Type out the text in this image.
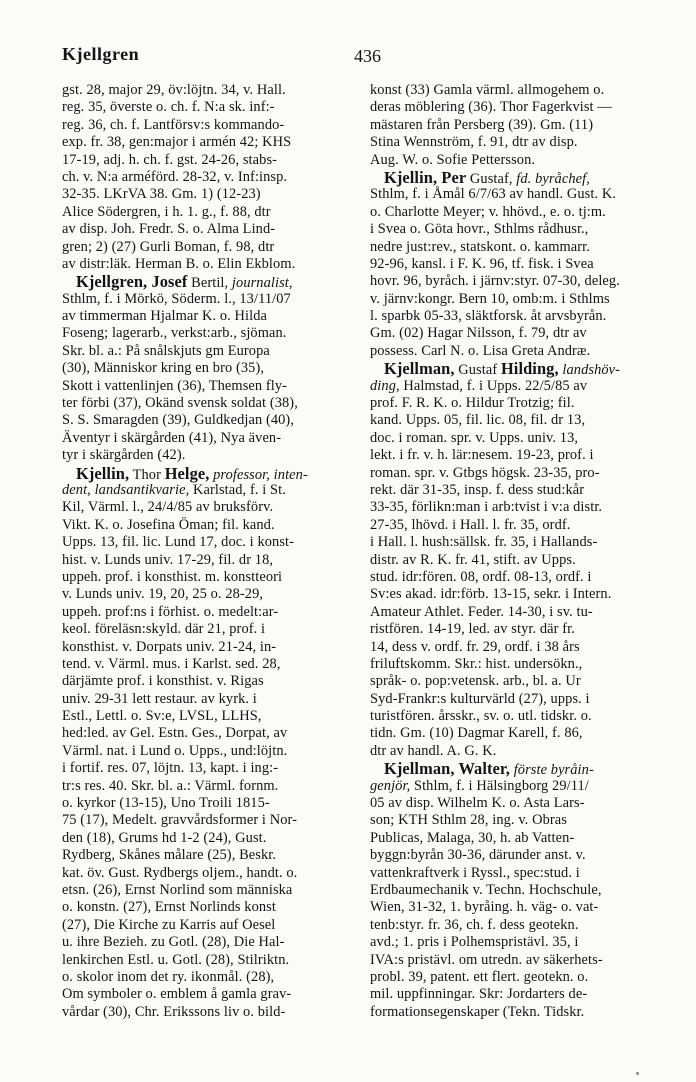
Kjellgren	436
gst. 28, major 29, öv:löjtn. 34, v. Hall.
reg. 35, överste o. ch. f. N:a sk. inf:-
reg. 36, ch. f. Lantförsv:s kommando-
exp. fr. 38, gen:major i armén 42; KHS
17-19, adj. h. ch. f. gst. 24-26, stabs-
ch. v. N:a arméförd. 28-32, v. Inf:insp.
32-35. LKrVA 38. Gm. 1) (12-23)
Alice Södergren, i h. 1. g., f. 88, dtr
av disp. Joh. Fredr. S. o. Alma Lind-
gren; 2) (27) Gurli Boman, f. 98, dtr
av distr:läk. Herman B. o. Elin Ekblom.
Kjellgren, Josef Bertil, journalist,
Sthlm, f. i Mörkö, Söderm. l., 13/11/07
av timmerman Hjalmar K. o. Hilda
Foseng; lagerarb., verkst:arb., sjöman.
Skr. bl. a.: På snålskjuts gm Europa
(30), Människor kring en bro (35),
Skott i vattenlinjen (36), Themsen fly-
ter förbi (37), Okänd svensk soldat (38),
S. S. Smaragden (39), Guldkedjan (40),
Äventyr i skärgården (41), Nya även-
tyr i skärgården (42).
Kjellin, Thor Helge, professor, inten-
dent, landsantikvarie, Karlstad, f. i St.
Kil, Värml. l., 24/4/85 av bruksförv.
Vikt. K. o. Josefina Öman; fil. kand.
Upps. 13, fil. lic. Lund 17, doc. i konst-
hist. v. Lunds univ. 17-29, fil. dr 18,
uppeh. prof. i konsthist. m. konstteori
v. Lunds univ. 19, 20, 25 o. 28-29,
uppeh. prof:ns i förhist. o. medelt:ar-
keol. föreläsn:skyld. där 21, prof. i
konsthist. v. Dorpats univ. 21-24, in-
tend. v. Värml. mus. i Karlst. sed. 28,
därjämte prof. i konsthist. v. Rigas
univ. 29-31 lett restaur. av kyrk. i
Estl., Lettl. o. Sv:e, LVSL, LLHS,
hed:led. av Gel. Estn. Ges., Dorpat, av
Värml. nat. i Lund o. Upps., und:löjtn.
i fortif. res. 07, löjtn. 13, kapt. i ing:-
tr:s res. 40. Skr. bl. a.: Värml. fornm.
o. kyrkor (13-15), Uno Troili 1815-
75 (17), Medelt. gravvårdsformer i Nor-
den (18), Grums hd 1-2 (24), Gust.
Rydberg, Skånes målare (25), Beskr.
kat. öv. Gust. Rydbergs oljem., handt. o.
etsn. (26), Ernst Norlind som människa
o. konstn. (27), Ernst Norlinds konst
(27), Die Kirche zu Karris auf Oesel
u. ihre Bezieh. zu Gotl. (28), Die Hal-
lenkirchen Estl. u. Gotl. (28), Stilriktn.
o. skolor inom det ry. ikonmål. (28),
Om symboler o. emblem å gamla grav-
vårdar (30), Chr. Erikssons liv o. bild-
konst (33) Gamla värml. allmogehem o.
deras möblering (36). Thor Fagerkvist —
mästaren från Persberg (39). Gm. (11)
Stina Wennström, f. 91, dtr av disp.
Aug. W. o. Sofie Pettersson.
Kjellin, Per Gustaf, fd. byråchef,
Sthlm, f. i Åmål 6/7/63 av handl. Gust. K.
o. Charlotte Meyer; v. hhövd., e. o. tj:m.
i Svea o. Göta hovr., Sthlms rådhusr.,
nedre just:rev., statskont. o. kammarr.
92-96, kansl. i F. K. 96, tf. fisk. i Svea
hovr. 96, byråch. i järnv:styr. 07-30, deleg.
v. järnv:kongr. Bern 10, omb:m. i Sthlms
l. sparbk 05-33, släktforsk. åt arvsbyrån.
Gm. (02) Hagar Nilsson, f. 79, dtr av
possess. Carl N. o. Lisa Greta Andræ.
Kjellman, Gustaf Hilding, landshöv-
ding, Halmstad, f. i Upps. 22/5/85 av
prof. F. R. K. o. Hildur Trotzig; fil.
kand. Upps. 05, fil. lic. 08, fil. dr 13,
doc. i roman. spr. v. Upps. univ. 13,
lekt. i fr. v. h. lär:nesem. 19-23, prof. i
roman. spr. v. Gtbgs högsk. 23-35, pro-
rekt. där 31-35, insp. f. dess stud:kår
33-35, förlikn:man i arb:tvist i v:a distr.
27-35, lhövd. i Hall. l. fr. 35, ordf.
i Hall. l. hush:sällsk. fr. 35, i Hallands-
distr. av R. K. fr. 41, stift. av Upps.
stud. idr:fören. 08, ordf. 08-13, ordf. i
Sv:es akad. idr:förb. 13-15, sekr. i Intern.
Amateur Athlet. Feder. 14-30, i sv. tu-
ristfören. 14-19, led. av styr. där fr.
14, dess v. ordf. fr. 29, ordf. i 38 års
friluftskomm. Skr.: hist. undersökn.,
språk- o. pop:vetensk. arb., bl. a. Ur
Syd-Frankr:s kulturvärld (27), upps. i
turistfören. årsskr., sv. o. utl. tidskr. o.
tidn. Gm. (10) Dagmar Karell, f. 86,
dtr av handl. A. G. K.
Kjellman, Walter, förste byråin-
genjör, Sthlm, f. i Hälsingborg 29/11/
05 av disp. Wilhelm K. o. Asta Lars-
son; KTH Sthlm 28, ing. v. Obras
Publicas, Malaga, 30, h. ab Vatten-
byggn:byrån 30-36, därunder anst. v.
vattenkraftverk i Ryssl., spec:stud. i
Erdbaumechanik v. Techn. Hochschule,
Wien, 31-32, 1. byråing. h. väg- o. vat-
tenb:styr. fr. 36, ch. f. dess geotekn.
avd.; 1. pris i Polhemspristävl. 35, i
IVA:s pristävl. om utredn. av säkerhets-
probl. 39, patent. ett flert. geotekn. o.
mil. uppfinningar. Skr: Jordarters de-
formationsegenskaper (Tekn. Tidskr.
